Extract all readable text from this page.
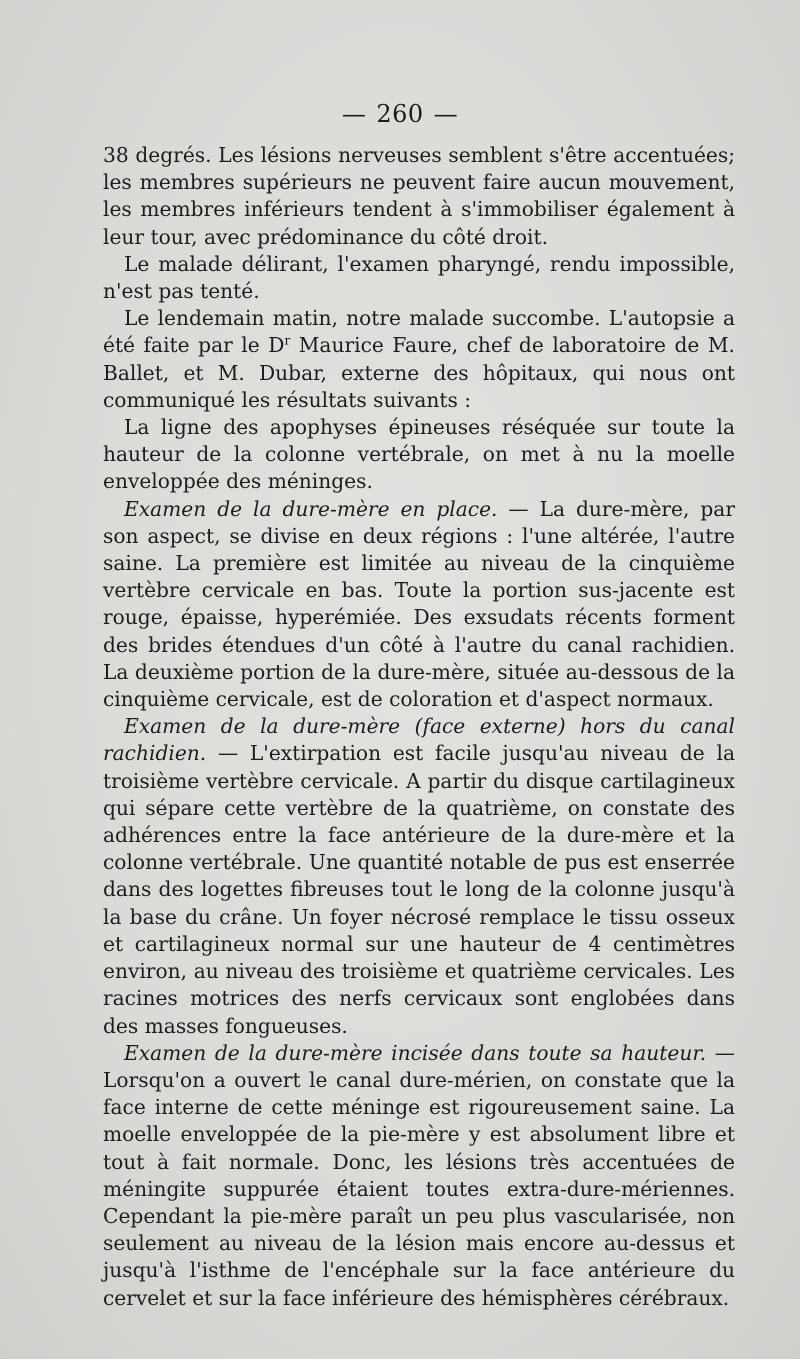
— 260 —

38 degrés. Les lésions nerveuses semblent s'être accentuées; les membres supérieurs ne peuvent faire aucun mouvement, les membres inférieurs tendent à s'immobiliser également à leur tour, avec prédominance du côté droit.

Le malade délirant, l'examen pharyngé, rendu impossible, n'est pas tenté.

Le lendemain matin, notre malade succombe. L'autopsie a été faite par le $D^r$ Maurice Faure, chef de laboratoire de M. Ballet, et M. Dubar, externe des hôpitaux, qui nous ont communiqué les résultats suivants :

La ligne des apophyses épineuses réséquée sur toute la hauteur de la colonne vertébrale, on met à nu la moelle enveloppée des méninges.

Examen de la dure-mère en place. — La dure-mère, par son aspect, se divise en deux régions : l'une altérée, l'autre saine. La première est limitée au niveau de la cinquième vertèbre cervicale en bas. Toute la portion sus-jacente est rouge, épaisse, hyperémiée. Des exsudats récents forment des brides étendues d'un côté à l'autre du canal rachidien. La deuxième portion de la dure-mère, située au-dessous de la cinquième cervicale, est de coloration et d'aspect normaux.

Examen de la dure-mère (face externe) hors du canal rachidien. — L'extirpation est facile jusqu'au niveau de la troisième vertèbre cervicale. A partir du disque cartilagineux qui sépare cette vertèbre de la quatrième, on constate des adhérences entre la face antérieure de la dure-mère et la colonne vertébrale. Une quantité notable de pus est enserrée dans des logettes fibreuses tout le long de la colonne jusqu'à la base du crâne. Un foyer nécrosé remplace le tissu osseux et cartilagineux normal sur une hauteur de 4 centimètres environ, au niveau des troisième et quatrième cervicales. Les racines motrices des nerfs cervicaux sont englobées dans des masses fongueuses.

Examen de la dure-mère incisée dans toute sa hauteur. — Lorsqu'on a ouvert le canal dure-mérien, on constate que la face interne de cette méninge est rigoureusement saine. La moelle enveloppée de la pie-mère y est absolument libre et tout à fait normale. Donc, les lésions très accentuées de méningite suppurée étaient toutes extra-dure-mériennes. Cependant la pie-mère paraît un peu plus vascularisée, non seulement au niveau de la lésion mais encore au-dessus et jusqu'à l'isthme de l'encéphale sur la face antérieure du cervelet et sur la face inférieure des hémisphères cérébraux.
